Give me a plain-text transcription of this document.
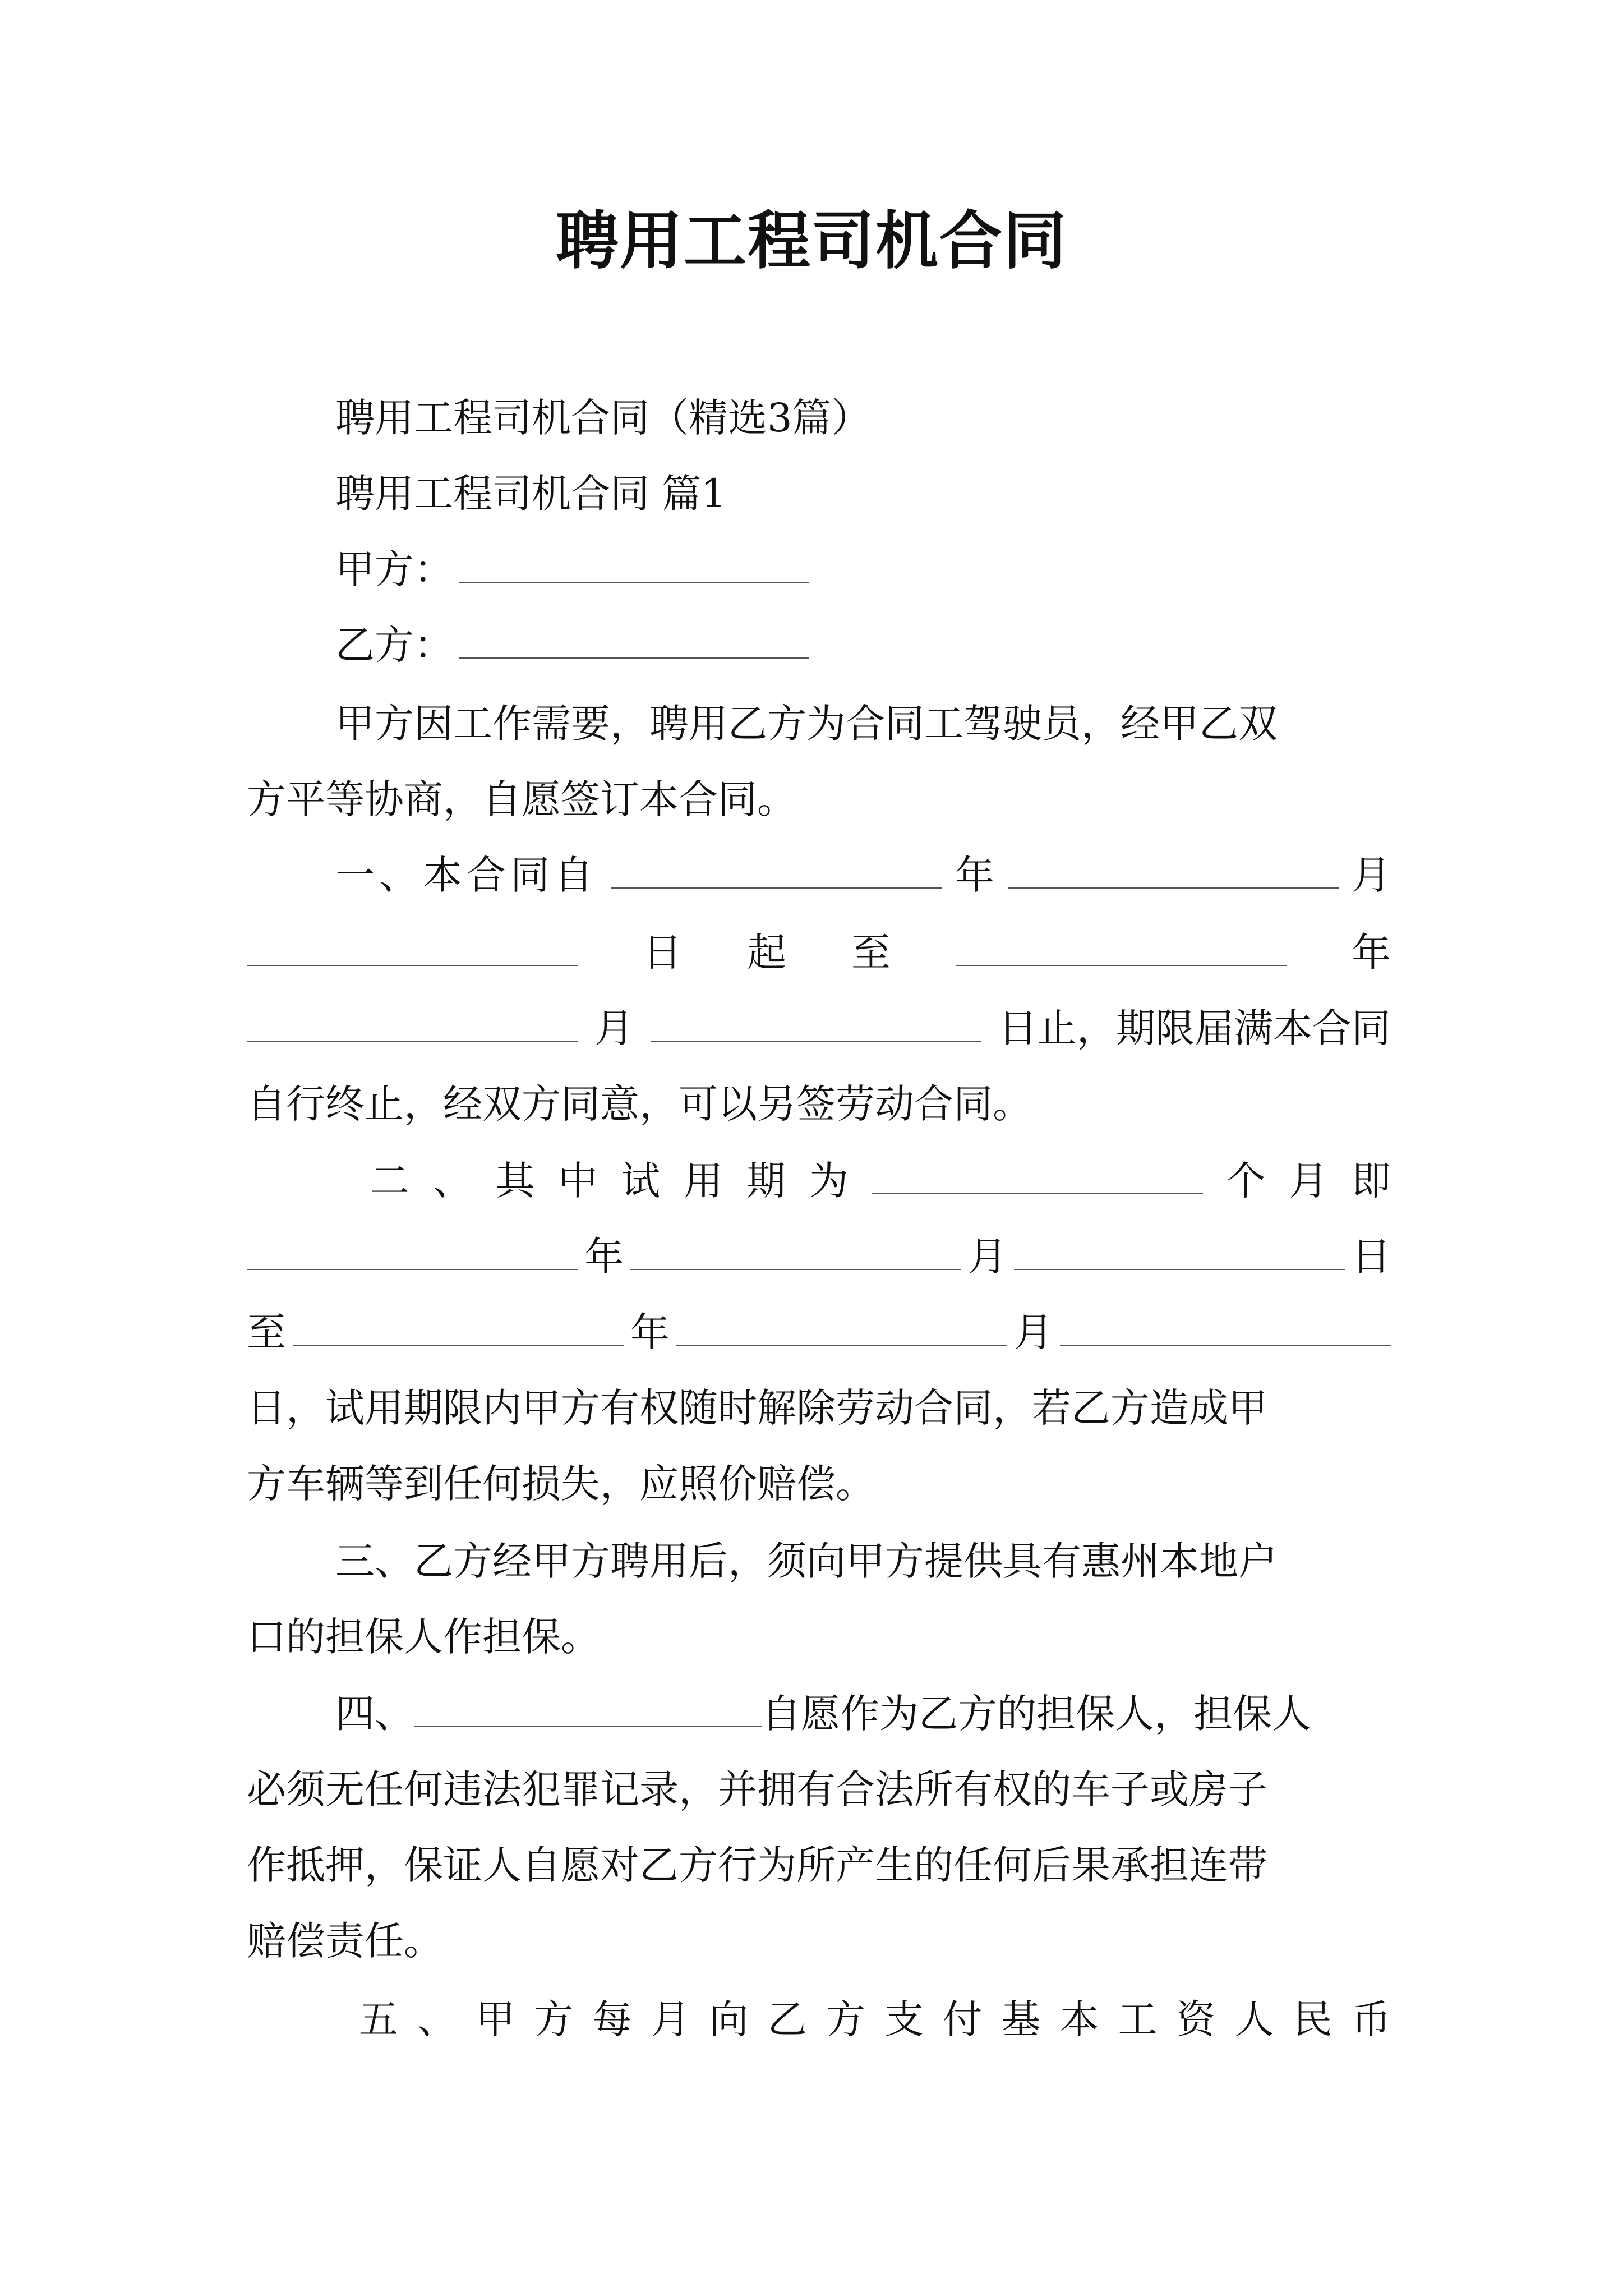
聘用工程司机合同
聘用工程司机合同（精选3篇）
聘用工程司机合同 篇1
甲方：
乙方：
甲方因工作需要，聘用乙方为合同工驾驶员，经甲乙双
方平等协商，自愿签订本合同。
一、本合同自	年	月
日 起 至	年
月	日止，期限届满本合同
自行终止，经双方同意，可以另签劳动合同。
二 、 其 中 试 用 期 为	个 月 即
年	月	日
至	年	月
日，试用期限内甲方有权随时解除劳动合同，若乙方造成甲
方车辆等到任何损失，应照价赔偿。
三、乙方经甲方聘用后，须向甲方提供具有惠州本地户
口的担保人作担保。
四、	自愿作为乙方的担保人，担保人
必须无任何违法犯罪记录，并拥有合法所有权的车子或房子
作抵押，保证人自愿对乙方行为所产生的任何后果承担连带
赔偿责任。
五 、 甲 方 每 月 向 乙 方 支 付 基 本 工 资 人 民 币
